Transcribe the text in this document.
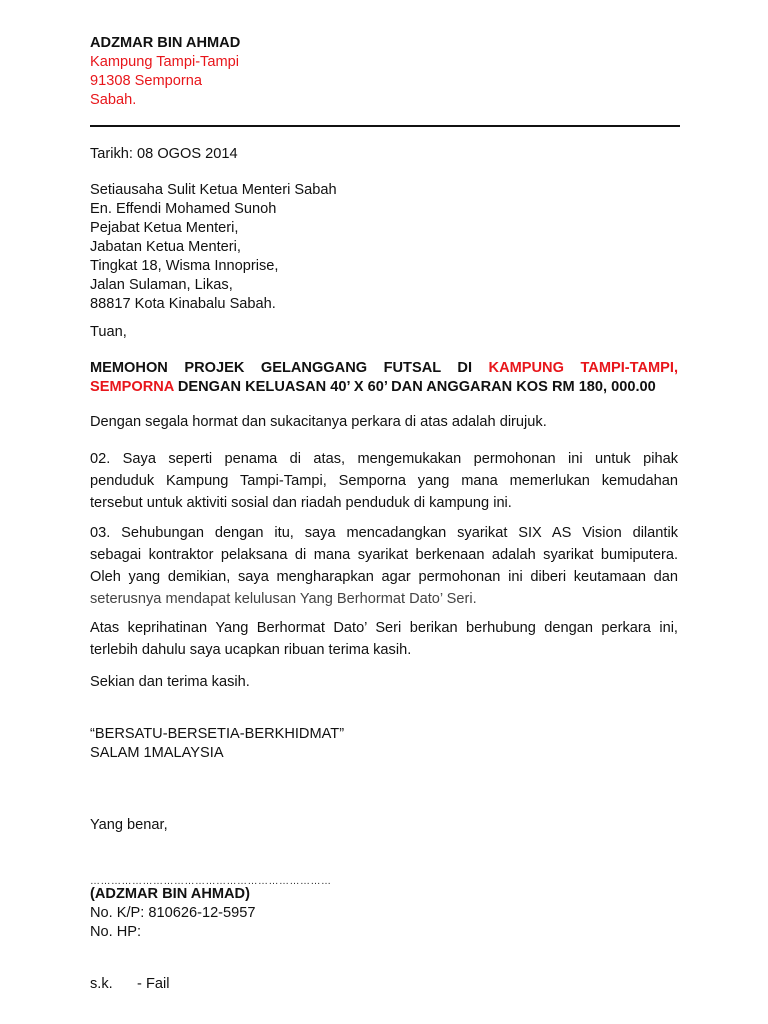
ADZMAR BIN AHMAD
Kampung Tampi-Tampi
91308 Semporna
Sabah.
Tarikh: 08 OGOS 2014
Setiausaha Sulit Ketua Menteri Sabah
En. Effendi Mohamed Sunoh
Pejabat Ketua Menteri,
Jabatan Ketua Menteri,
Tingkat 18, Wisma Innoprise,
Jalan Sulaman, Likas,
88817 Kota Kinabalu Sabah.
Tuan,
MEMOHON PROJEK GELANGGANG FUTSAL DI KAMPUNG TAMPI-TAMPI,
SEMPORNA DENGAN KELUASAN 40’ X 60’ DAN ANGGARAN KOS RM 180, 000.00
Dengan segala hormat dan sukacitanya perkara di atas adalah dirujuk.
02. Saya seperti penama di atas, mengemukakan permohonan ini untuk pihak
penduduk Kampung Tampi-Tampi, Semporna yang mana memerlukan kemudahan
tersebut untuk aktiviti sosial dan riadah penduduk di kampung ini.
03. Sehubungan dengan itu, saya mencadangkan syarikat SIX AS Vision dilantik
sebagai kontraktor pelaksana di mana syarikat berkenaan adalah syarikat bumiputera.
Oleh yang demikian, saya mengharapkan agar permohonan ini diberi keutamaan dan
seterusnya mendapat kelulusan Yang Berhormat Dato’ Seri.
Atas keprihatinan Yang Berhormat Dato’ Seri berikan berhubung dengan perkara ini,
terlebih dahulu saya ucapkan ribuan terima kasih.
Sekian dan terima kasih.
“BERSATU-BERSETIA-BERKHIDMAT”
SALAM 1MALAYSIA
Yang benar,
……………………………………………………………
(ADZMAR BIN AHMAD)
No. K/P: 810626-12-5957
No. HP:
s.k.      - Fail
